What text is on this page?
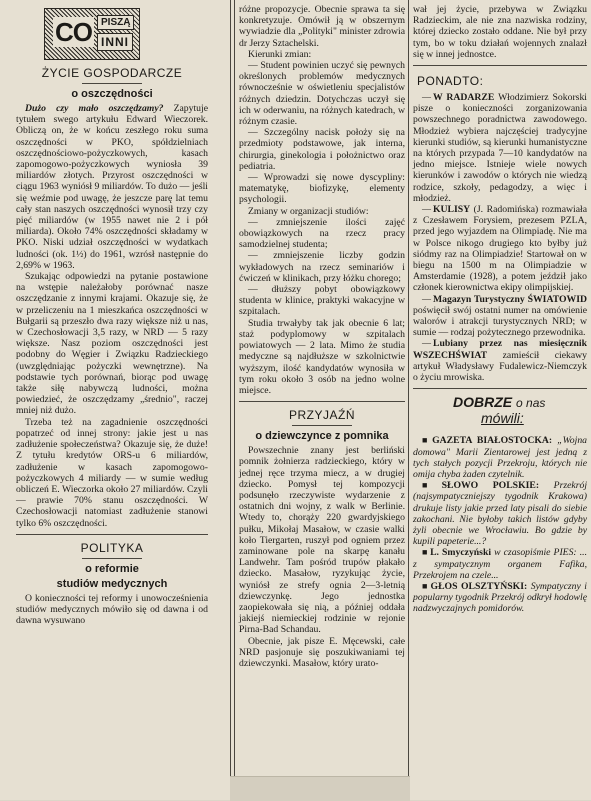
CO PISZĄ
INNI
ŻYCIE GOSPODARCZE
o oszczędności

Dużo czy mało oszczędzamy? Zapytuje tytułem swego artykułu Edward Wieczorek. Obliczą on, że w końcu zeszłego roku suma oszczędności w PKO, spółdzielniach oszczędnościowo-pożyczkowych, kasach zapomogowo-pożyczkowych wyniosła 39 miliardów złotych. Przyrost oszczędności w ciągu 1963 wyniósł 9 miliardów. To dużo — jeśli się weźmie pod uwagę, że jeszcze parę lat temu cały stan naszych oszczędności wynosił trzy czy pięć miliardów (w 1955 nawet nie 2 i pół miliarda). Około 74% oszczędności składamy w PKO. Niski udział oszczędności w wydatkach ludności (ok. 1½) do 1961, wzrósł następnie do 2,69% w 1963.

Szukając odpowiedzi na pytanie postawione na wstępie należałoby porównać nasze oszczędzanie z innymi krajami. Okazuje się, że w przeliczeniu na 1 mieszkańca oszczędności w Bułgarii są przeszło dwa razy większe niż u nas, w Czechosłowacji 3,5 razy, w NRD — 5 razy większe. Nasz poziom oszczędności jest podobny do Węgier i Związku Radzieckiego (uwzględniając pożyczki wewnętrzne). Na podstawie tych porównań, biorąc pod uwagę także siłę nabywczą ludności, można powiedzieć, że oszczędzamy „średnio", raczej mniej niż dużo.

Trzeba też na zagadnienie oszczędności popatrzeć od innej strony: jakie jest u nas zadłużenie społeczeństwa? Okazuje się, że duże! Z tytułu kredytów ORS-u 6 miliardów, zadłużenie w kasach zapomogowo-pożyczkowych 4 miliardy — w sumie według obliczeń E. Wieczorka około 27 miliardów. Czyli — prawie 70% stanu oszczędności. W Czechosłowacji natomiast zadłużenie stanowi tylko 6% oszczędności.

POLITYKA
o reformie
studiów medycznych

O konieczności tej reformy i unowocześnienia studiów medycznych mówiło się od dawna i od dawna wysuwano

różne propozycje. Obecnie sprawa ta się konkretyzuje. Omówił ją w obszernym wywiadzie dla „Polityki" minister zdrowia dr Jerzy Sztachelski.

Kierunki zmian:

— Student powinien uczyć się pewnych określonych problemów medycznych równocześnie w oświetleniu specjalistów różnych dziedzin. Dotychczas uczył się ich w oderwaniu, na różnych katedrach, w różnym czasie.

— Szczególny nacisk położy się na przedmioty podstawowe, jak interna, chirurgia, ginekologia i położnictwo oraz pediatria.

— Wprowadzi się nowe dyscypliny: matematykę, biofizykę, elementy psychologii.

Zmiany w organizacji studiów:

— zmniejszenie ilości zajęć obowiązkowych na rzecz pracy samodzielnej studenta;

— zmniejszenie liczby godzin wykładowych na rzecz seminariów i ćwiczeń w klinikach, przy łóżku chorego;

— dłuższy pobyt obowiązkowy studenta w klinice, praktyki wakacyjne w szpitalach.

Studia trwałyby tak jak obecnie 6 lat; staż podyplomowy w szpitalach powiatowych — 2 lata. Mimo że studia medyczne są najdłuższe w szkolnictwie wyższym, ilość kandydatów wynosiła w tym roku około 3 osób na jedno wolne miejsce.

PRZYJAŹŃ
o dziewczynce z pomnika

Powszechnie znany jest berliński pomnik żołnierza radzieckiego, który w jednej ręce trzyma miecz, a w drugiej dziecko. Pomysł tej kompozycji podsunęło rzeczywiste wydarzenie z ostatnich dni wojny, z walk w Berlinie. Wtedy to, chorąży 220 gwardyjskiego pułku, Mikołaj Masałow, w czasie walki koło Tiergarten, ruszył pod ogniem przez zaminowane pole na skarpę kanału Landwehr. Tam pośród trupów płakało dziecko. Masałow, ryzykując życie, wyniósł ze strefy ognia 2—3-letnią dziewczynkę. Jego jednostka zaopiekowała się nią, a później oddała jakiejś niemieckiej rodzinie w rejonie Pirna-Bad Schandau.

Obecnie, jak pisze E. Męcewski, całe NRD pasjonuje się poszukiwaniami tej dziewczynki. Masałow, który urato-

wał jej życie, przebywa w Związku Radzieckim, ale nie zna nazwiska rodziny, której dziecko zostało oddane. Nie był przy tym, bo w toku działań wojennych znalazł się w innej jednostce.

PONADTO:

— W RADARZE Włodzimierz Sokorski pisze o konieczności zorganizowania powszechnego poradnictwa zawodowego. Młodzież wybiera najczęściej tradycyjne kierunki studiów, są kierunki humanistyczne na których przypada 7—10 kandydatów na jedno miejsce. Istnieje wiele nowych kierunków i zawodów o których nie wiedzą rodzice, szkoły, pedagodzy, a więc i młodzież.

— KULISY (J. Radomińska) rozmawiała z Czesławem Forysiem, prezesem PZLA, przed jego wyjazdem na Olimpiadę. Nie ma w Polsce nikogo drugiego kto byłby już siódmy raz na Olimpiadzie! Startował on w biegu na 1500 m na Olimpiadzie w Amsterdamie (1928), a potem jeździł jako członek kierownictwa ekipy olimpijskiej.

— Magazyn Turystyczny ŚWIATOWID poświęcił swój ostatni numer na omówienie walorów i atrakcji turystycznych NRD; w sumie — rodzaj pożytecznego przewodnika.

— Lubiany przez nas miesięcznik WSZECHŚWIAT zamieścił ciekawy artykuł Władysławy Fudalewicz-Niemczyk o życiu mrowiska.

DOBRZE o nas
mówili:

■ GAZETA BIAŁOSTOCKA: „Wojna domowa" Marii Zientarowej jest jedną z tych stałych pozycji Przekroju, których nie omija chyba żaden czytelnik.

■ SŁOWO POLSKIE: Przekrój (najsympatyczniejszy tygodnik Krakowa) drukuje listy jakie przed laty pisali do siebie zakochani. Nie byłoby takich listów gdyby żyli obecnie we Wrocławiu. Bo gdzie by kupili papeterie...?

■ L. Smyczyński w czasopiśmie PIES: ... z sympatycznym organem Fafika, Przekrojem na czele...

■ GŁOS OLSZTYŃSKI: Sympatyczny i popularny tygodnik Przekrój odkrył hodowlę nadzwyczajnych pomidorów.
